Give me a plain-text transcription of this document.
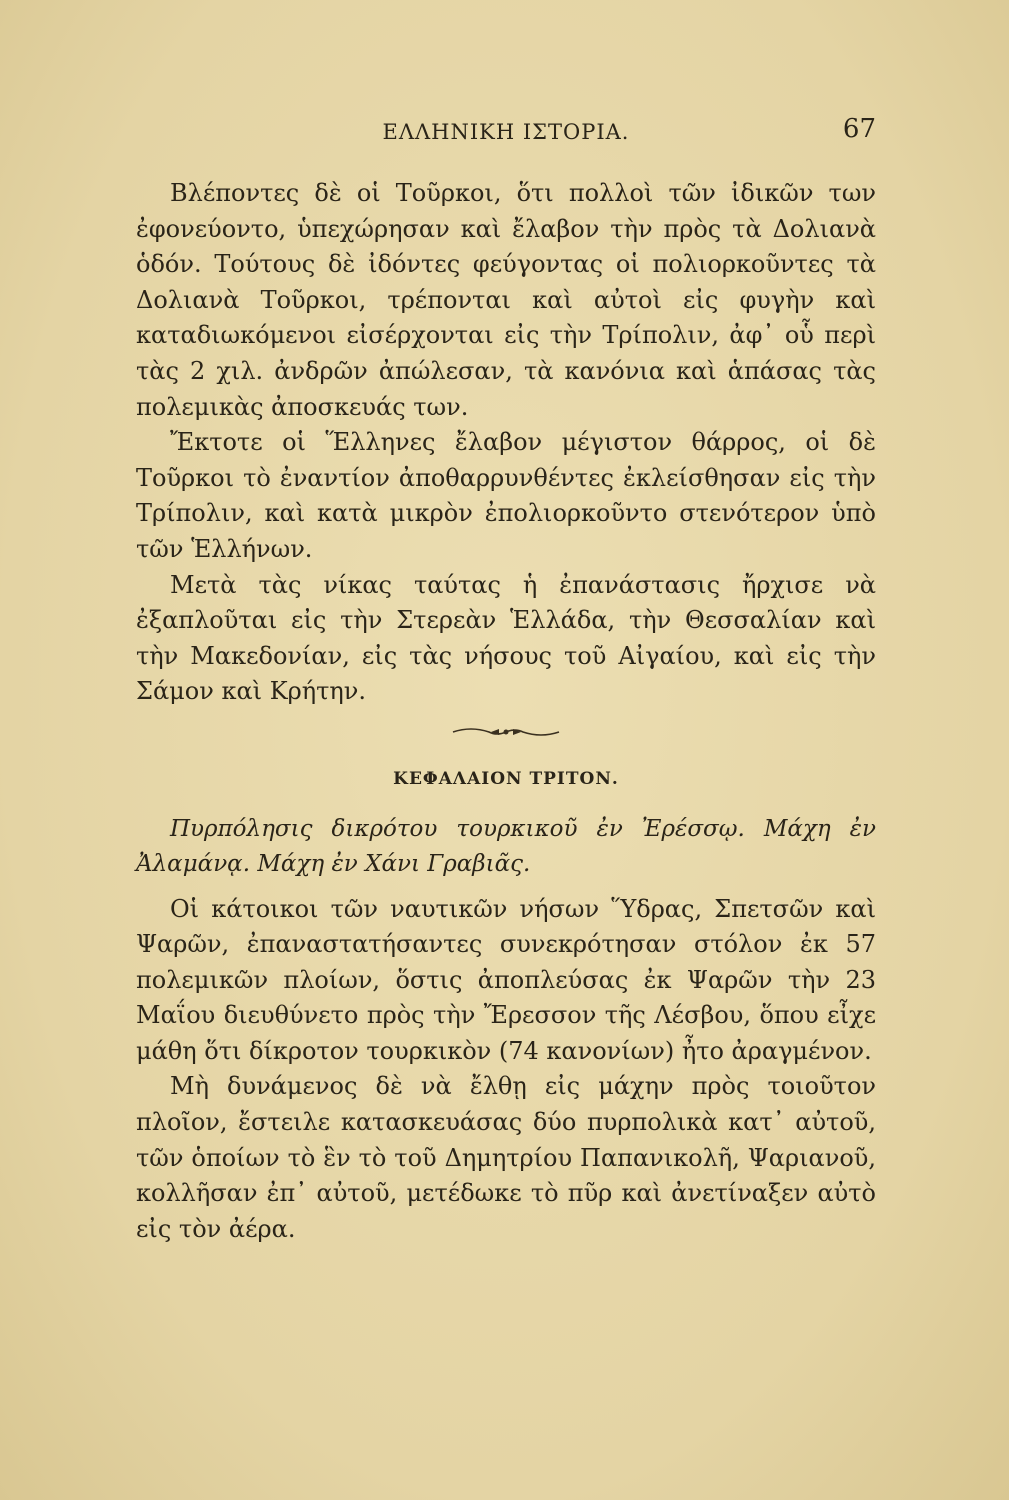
ΕΛΛΗΝΙΚΗ ΙΣΤΟΡΙΑ.	67

Βλέποντες δὲ οἱ Τοῦρκοι, ὅτι πολλοὶ τῶν ἰδικῶν των ἐφονεύοντο, ὑπεχώρησαν καὶ ἔλαβον τὴν πρὸς τὰ Δολιανὰ ὁδόν. Τούτους δὲ ἰδόντες φεύγοντας οἱ πολιορκοῦντες τὰ Δολιανὰ Τοῦρκοι, τρέπονται καὶ αὐτοὶ εἰς φυγὴν καὶ καταδιωκόμενοι εἰσέρχονται εἰς τὴν Τρίπολιν, ἀφ᾿ οὗ περὶ τὰς 2 χιλ. ἀνδρῶν ἀπώλεσαν, τὰ κανόνια καὶ ἁπάσας τὰς πολεμικὰς ἀποσκευάς των.

Ἔκτοτε οἱ Ἕλληνες ἔλαβον μέγιστον θάρρος, οἱ δὲ Τοῦρκοι τὸ ἐναντίον ἀποθαρρυνθέντες ἐκλείσθησαν εἰς τὴν Τρίπολιν, καὶ κατὰ μικρὸν ἐπολιορκοῦντο στενότερον ὑπὸ τῶν Ἑλλήνων.

Μετὰ τὰς νίκας ταύτας ἡ ἐπανάστασις ἤρχισε νὰ ἐξαπλοῦται εἰς τὴν Στερεὰν Ἑλλάδα, τὴν Θεσσαλίαν καὶ τὴν Μακεδονίαν, εἰς τὰς νήσους τοῦ Αἰγαίου, καὶ εἰς τὴν Σάμον καὶ Κρήτην.

ΚΕΦΑΛΑΙΟΝ ΤΡΙΤΟΝ.

Πυρπόλησις δικρότου τουρκικοῦ ἐν Ἐρέσσῳ. Μάχη ἐν Ἀλαμάνᾳ. Μάχη ἐν Χάνι Γραβιᾶς.

Οἱ κάτοικοι τῶν ναυτικῶν νήσων Ὕδρας, Σπετσῶν καὶ Ψαρῶν, ἐπαναστατήσαντες συνεκρότησαν στόλον ἐκ 57 πολεμικῶν πλοίων, ὅστις ἀποπλεύσας ἐκ Ψαρῶν τὴν 23 Μαΐου διευθύνετο πρὸς τὴν Ἔρεσσον τῆς Λέσβου, ὅπου εἶχε μάθη ὅτι δίκροτον τουρκικὸν (74 κανονίων) ἦτο ἀραγμένον.

Μὴ δυνάμενος δὲ νὰ ἔλθῃ εἰς μάχην πρὸς τοιοῦτον πλοῖον, ἔστειλε κατασκευάσας δύο πυρπολικὰ κατ᾿ αὐτοῦ, τῶν ὁποίων τὸ ἓν τὸ τοῦ Δημητρίου Παπανικολῆ, Ψαριανοῦ, κολλῆσαν ἐπ᾿ αὐτοῦ, μετέδωκε τὸ πῦρ καὶ ἀνετίναξεν αὐτὸ εἰς τὸν ἀέρα.
